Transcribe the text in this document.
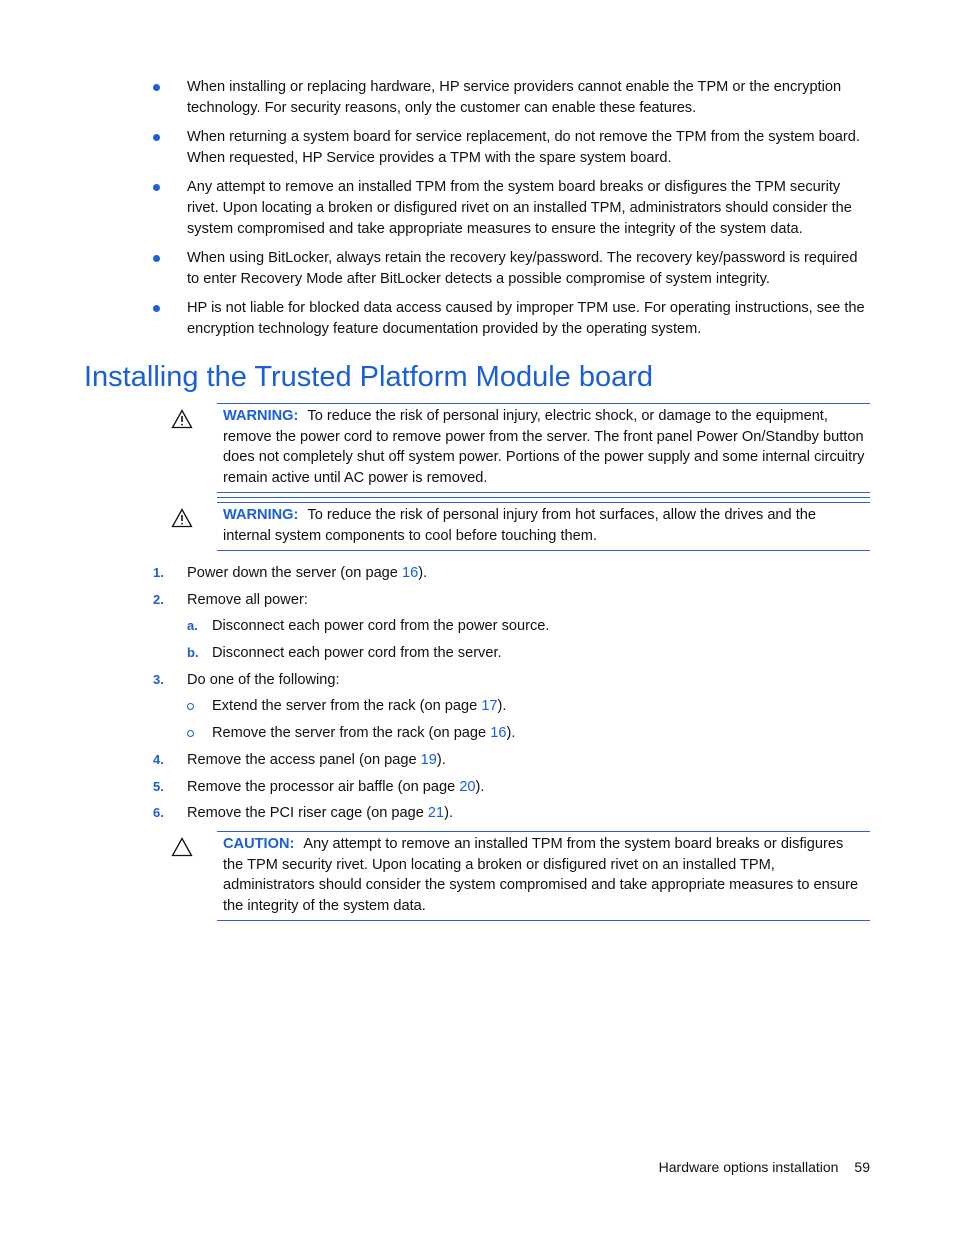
When installing or replacing hardware, HP service providers cannot enable the TPM or the encryption technology. For security reasons, only the customer can enable these features.
When returning a system board for service replacement, do not remove the TPM from the system board. When requested, HP Service provides a TPM with the spare system board.
Any attempt to remove an installed TPM from the system board breaks or disfigures the TPM security rivet. Upon locating a broken or disfigured rivet on an installed TPM, administrators should consider the system compromised and take appropriate measures to ensure the integrity of the system data.
When using BitLocker, always retain the recovery key/password. The recovery key/password is required to enter Recovery Mode after BitLocker detects a possible compromise of system integrity.
HP is not liable for blocked data access caused by improper TPM use. For operating instructions, see the encryption technology feature documentation provided by the operating system.
Installing the Trusted Platform Module board
WARNING: To reduce the risk of personal injury, electric shock, or damage to the equipment, remove the power cord to remove power from the server. The front panel Power On/Standby button does not completely shut off system power. Portions of the power supply and some internal circuitry remain active until AC power is removed.
WARNING: To reduce the risk of personal injury from hot surfaces, allow the drives and the internal system components to cool before touching them.
1. Power down the server (on page 16).
2. Remove all power:
a. Disconnect each power cord from the power source.
b. Disconnect each power cord from the server.
3. Do one of the following:
Extend the server from the rack (on page 17).
Remove the server from the rack (on page 16).
4. Remove the access panel (on page 19).
5. Remove the processor air baffle (on page 20).
6. Remove the PCI riser cage (on page 21).
CAUTION: Any attempt to remove an installed TPM from the system board breaks or disfigures the TPM security rivet. Upon locating a broken or disfigured rivet on an installed TPM, administrators should consider the system compromised and take appropriate measures to ensure the integrity of the system data.
Hardware options installation 59
